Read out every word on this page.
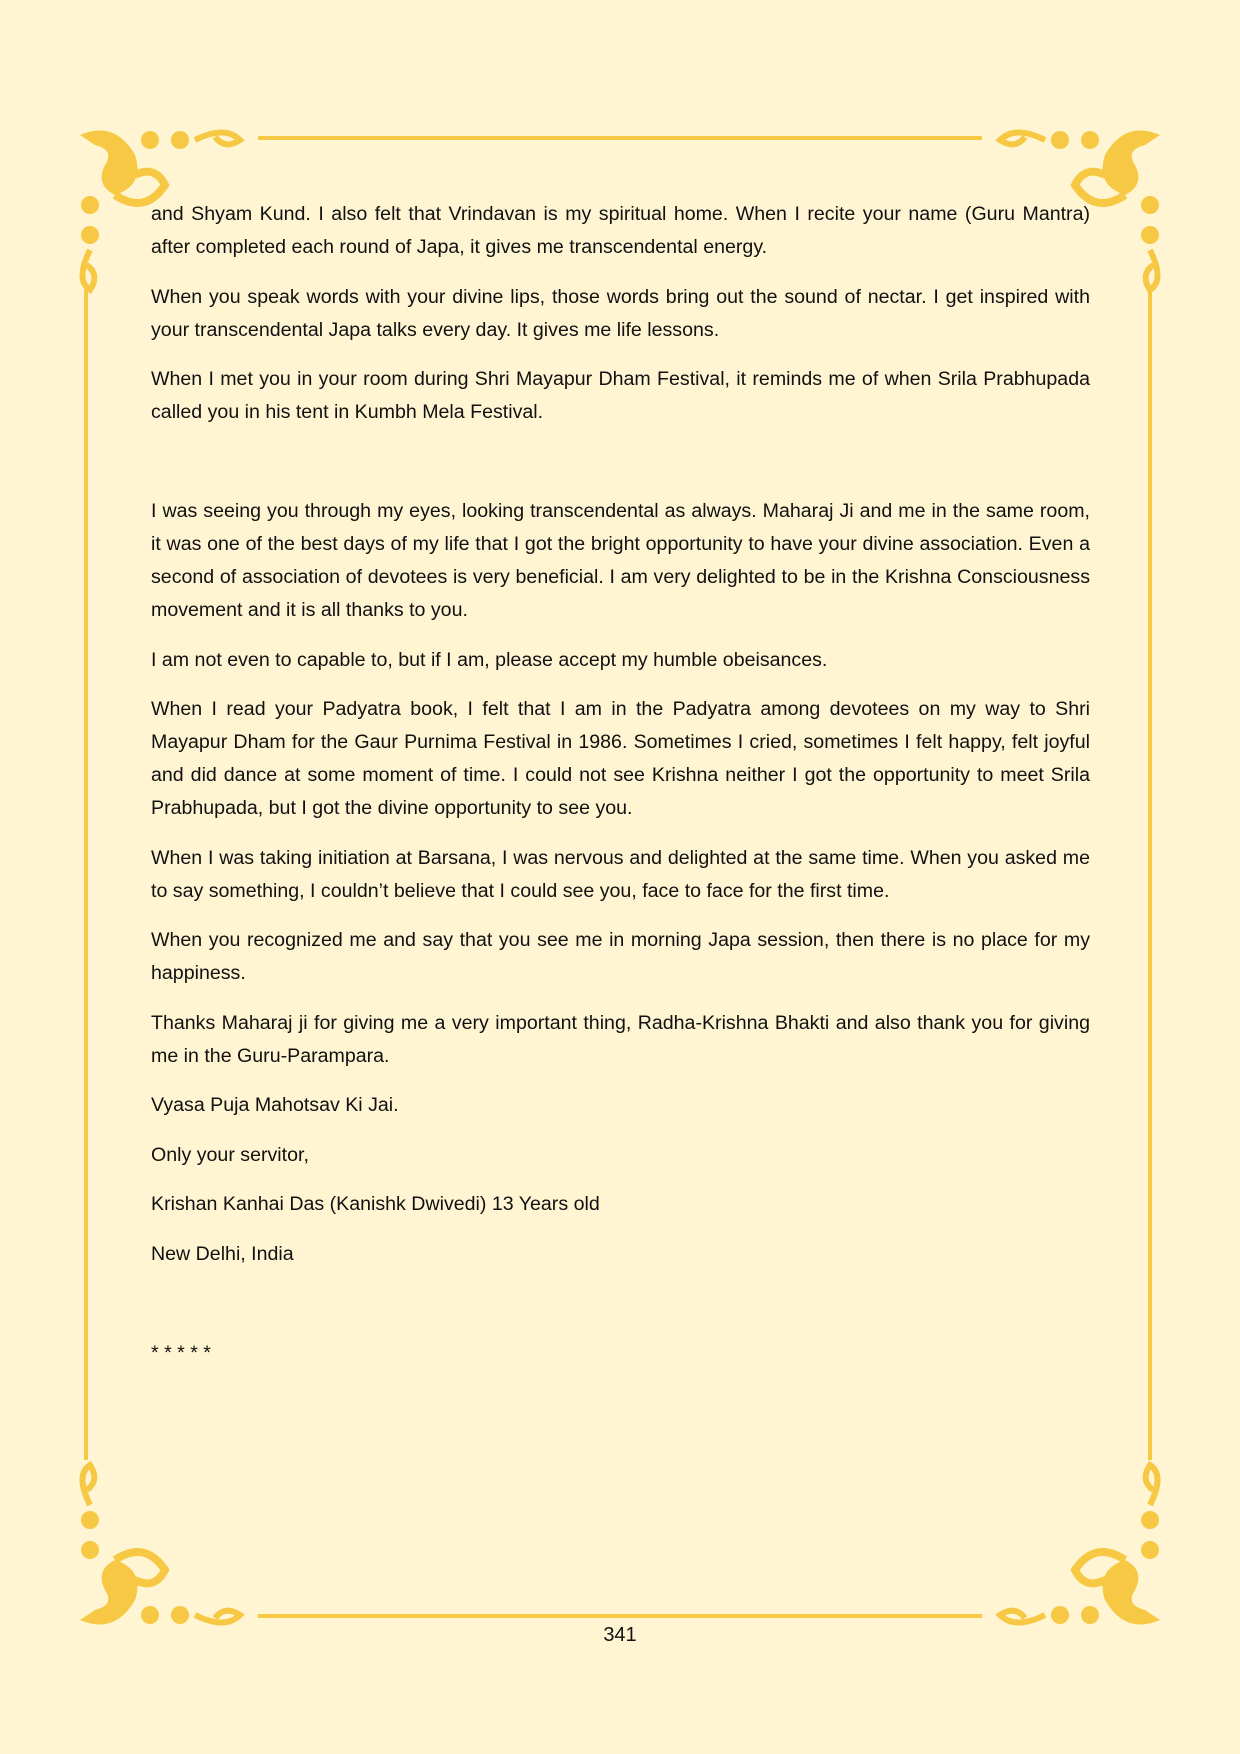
and Shyam Kund. I also felt that Vrindavan is my spiritual home. When I recite your name (Guru Mantra) after completed each round of Japa, it gives me transcendental energy.

When you speak words with your divine lips, those words bring out the sound of nectar. I get inspired with your transcendental Japa talks every day. It gives me life lessons.

When I met you in your room during Shri Mayapur Dham Festival, it reminds me of when Srila Prabhupada called you in his tent in Kumbh Mela Festival.

I was seeing you through my eyes, looking transcendental as always. Maharaj Ji and me in the same room, it was one of the best days of my life that I got the bright opportunity to have your divine association. Even a second of association of devotees is very beneficial. I am very delighted to be in the Krishna Consciousness movement and it is all thanks to you.

I am not even to capable to, but if I am, please accept my humble obeisances.

When I read your Padyatra book, I felt that I am in the Padyatra among devotees on my way to Shri Mayapur Dham for the Gaur Purnima Festival in 1986. Sometimes I cried, sometimes I felt happy, felt joyful and did dance at some moment of time. I could not see Krishna neither I got the opportunity to meet Srila Prabhupada, but I got the divine opportunity to see you.

When I was taking initiation at Barsana, I was nervous and delighted at the same time. When you asked me to say something, I couldn’t believe that I could see you, face to face for the first time.

When you recognized me and say that you see me in morning Japa session, then there is no place for my happiness.

Thanks Maharaj ji for giving me a very important thing, Radha-Krishna Bhakti and also thank you for giving me in the Guru-Parampara.

Vyasa Puja Mahotsav Ki Jai.

Only your servitor,

Krishan Kanhai Das (Kanishk Dwivedi) 13 Years old

New Delhi, India

* * * * *

341
